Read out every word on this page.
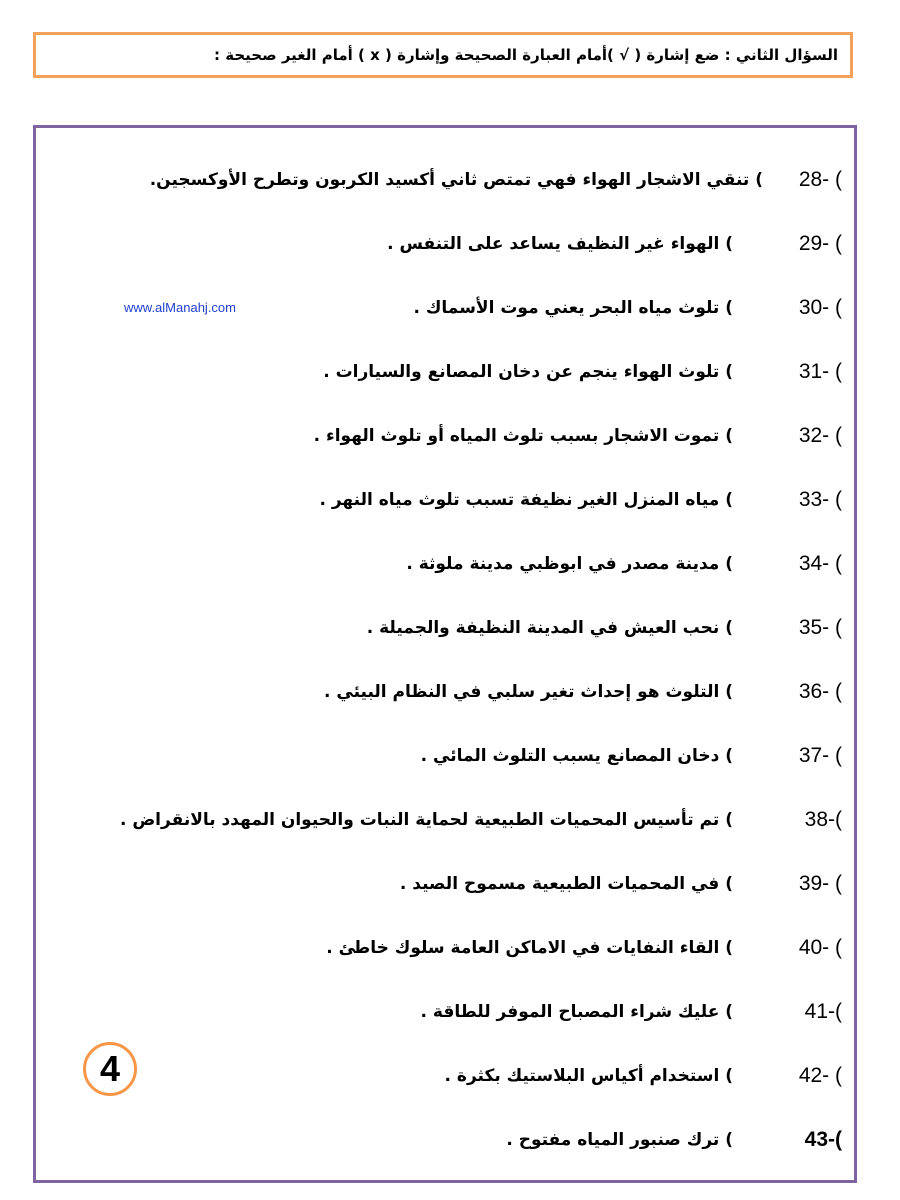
السؤال الثاني : ضع إشارة ( √ )أمام العبارة الصحيحة وإشارة ( x ) أمام الغير صحيحة :
28- (
) تنقي الاشجار الهواء فهي تمتص ثاني أكسيد الكربون وتطرح الأوكسجين.
29- (
) الهواء غير النظيف يساعد على التنفس .
30- (
) تلوث مياه البحر يعني موت الأسماك .
31- (
) تلوث الهواء ينجم عن دخان المصانع والسيارات .
32- (
) تموت الاشجار بسبب تلوث المياه أو تلوث الهواء .
33- (
) مياه المنزل الغير نظيفة تسبب تلوث مياه النهر .
34- (
) مدينة مصدر في ابوظبي مدينة ملوثة .
35- (
) نحب العيش في المدينة النظيفة والجميلة .
36- (
) التلوث هو إحداث تغير سلبي في النظام البيئي .
37- (
) دخان المصانع يسبب التلوث المائي .
38-(
) تم تأسيس المحميات الطبيعية لحماية النبات والحيوان المهدد بالانقراض .
39- (
) في المحميات الطبيعية مسموح الصيد .
40- (
) القاء النفايات في الاماكن العامة سلوك خاطئ .
41-(
) عليك شراء المصباح الموفر للطاقة .
42- (
) استخدام أكياس البلاستيك بكثرة .
43-(
) ترك صنبور المياه مفتوح .
www.alManahj.com
4
